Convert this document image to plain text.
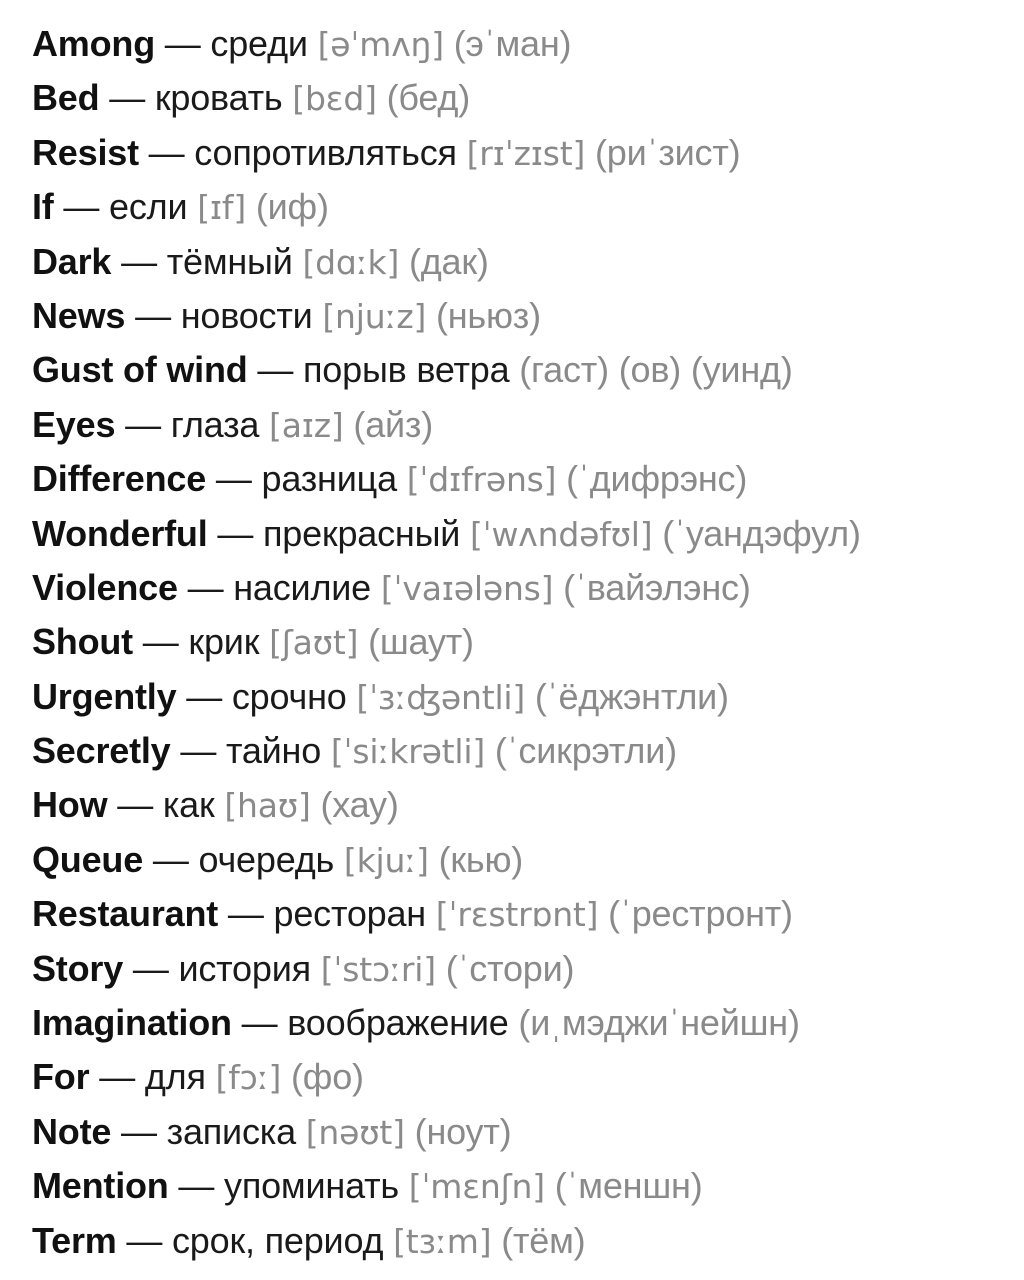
Among — среди [əˈmʌŋ] (эˈман)
Bed — кровать [bɛd] (бед)
Resist — сопротивляться [rɪˈzɪst] (риˈзист)
If — если [ɪf] (иф)
Dark — тёмный [dɑːk] (дак)
News — новости [njuːz] (ньюз)
Gust of wind — порыв ветра (гаст) (ов) (уинд)
Eyes — глаза [aɪz] (айз)
Difference — разница [ˈdɪfrəns] (ˈдифрэнс)
Wonderful — прекрасный [ˈwʌndəfʊl] (ˈуандэфул)
Violence — насилие [ˈvaɪələns] (ˈвайэлэнс)
Shout — крик [ʃaʊt] (шаут)
Urgently — срочно [ˈɜːʤəntli] (ˈёджэнтли)
Secretly — тайно [ˈsiːkrətli] (ˈсикрэтли)
How — как [haʊ] (хау)
Queue — очередь [kjuː] (кью)
Restaurant — ресторан [ˈrɛstrɒnt] (ˈрестронт)
Story — история [ˈstɔːri] (ˈстори)
Imagination — воображение (иˌмэджиˈнейшн)
For — для [fɔː] (фо)
Note — записка [nəʊt] (ноут)
Mention — упоминать [ˈmɛnʃn] (ˈменшн)
Term — срок, период [tɜːm] (тём)
